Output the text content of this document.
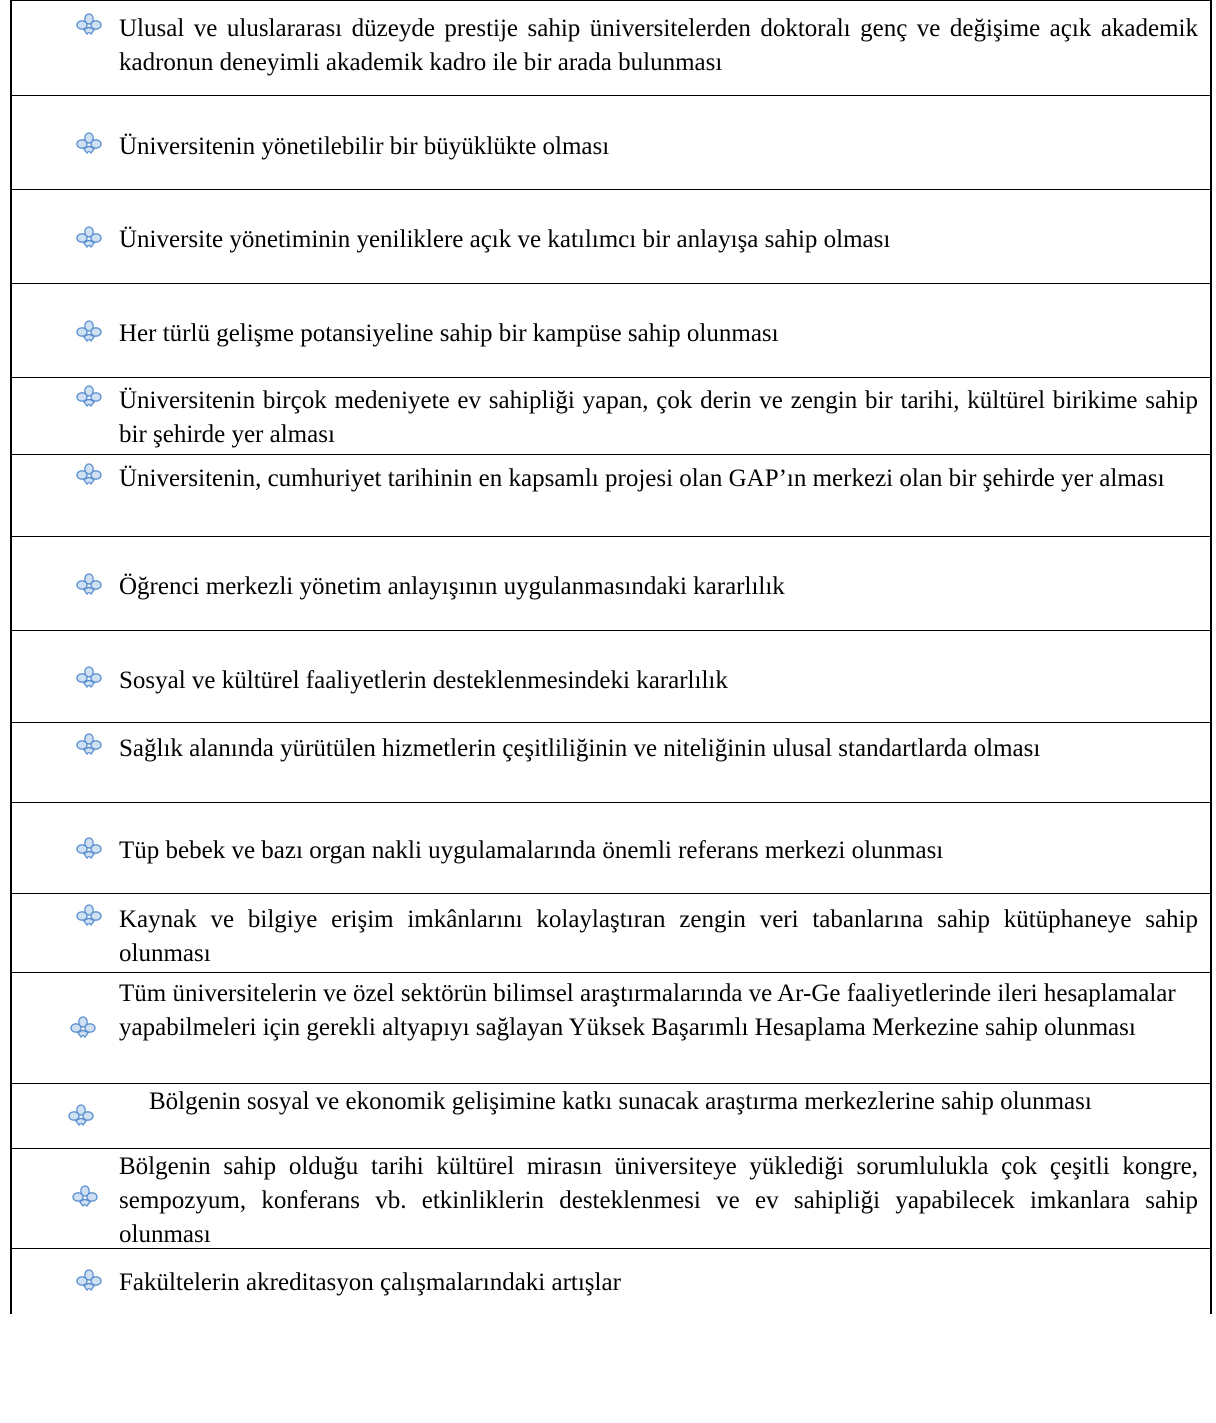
Ulusal ve uluslararası düzeyde prestije sahip üniversitelerden doktoralı genç ve değişime açık akademik kadronun deneyimli akademik kadro ile bir arada bulunması
Üniversitenin yönetilebilir bir büyüklükte olması
Üniversite yönetiminin yeniliklere açık ve katılımcı bir anlayışa sahip olması
Her türlü gelişme potansiyeline sahip bir kampüse sahip olunması
Üniversitenin birçok medeniyete ev sahipliği yapan, çok derin ve zengin bir tarihi, kültürel birikime sahip bir şehirde yer alması
Üniversitenin, cumhuriyet tarihinin en kapsamlı projesi olan GAP’ın merkezi olan bir şehirde yer alması
Öğrenci merkezli yönetim anlayışının uygulanmasındaki kararlılık
Sosyal ve kültürel faaliyetlerin desteklenmesindeki kararlılık
Sağlık alanında yürütülen hizmetlerin çeşitliliğinin ve niteliğinin ulusal standartlarda olması
Tüp bebek ve bazı organ nakli uygulamalarında önemli referans merkezi olunması
Kaynak ve bilgiye erişim imkânlarını kolaylaştıran zengin veri tabanlarına sahip kütüphaneye sahip olunması
Tüm üniversitelerin ve özel sektörün bilimsel araştırmalarında ve Ar-Ge faaliyetlerinde ileri hesaplamalar yapabilmeleri için gerekli altyapıyı sağlayan Yüksek Başarımlı Hesaplama Merkezine sahip olunması
Bölgenin sosyal ve ekonomik gelişimine katkı sunacak araştırma merkezlerine sahip olunması
Bölgenin sahip olduğu tarihi kültürel mirasın üniversiteye yüklediği sorumlulukla çok çeşitli kongre, sempozyum, konferans vb. etkinliklerin desteklenmesi ve ev sahipliği yapabilecek imkanlara sahip olunması
Fakültelerin akreditasyon çalışmalarındaki artışlar
